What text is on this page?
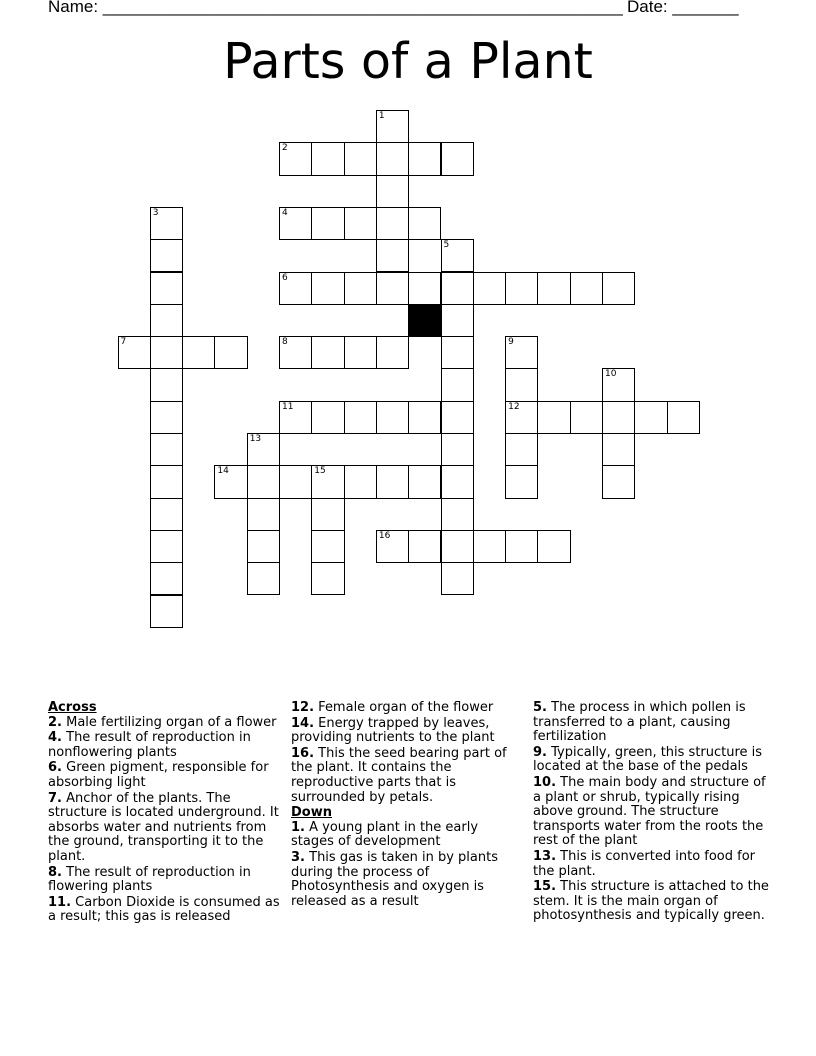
Name: _______________________________________________________ Date: _______
Parts of a Plant
1
2
3	4
5
6
7	8	9
12
10
11
13
14	15
16
Across
2. Male fertilizing organ of a flower
4. The result of reproduction in nonflowering plants
6. Green pigment, responsible for absorbing light
7. Anchor of the plants. The structure is located underground. It absorbs water and nutrients from the ground, transporting it to the plant.
8. The result of reproduction in flowering plants
11. Carbon Dioxide is consumed as a result; this gas is released
12. Female organ of the flower
14. Energy trapped by leaves, providing nutrients to the plant
16. This the seed bearing part of the plant. It contains the reproductive parts that is surrounded by petals.
Down
1. A young plant in the early stages of development
3. This gas is taken in by plants during the process of Photosynthesis and oxygen is released as a result
5. The process in which pollen is transferred to a plant, causing fertilization
9. Typically, green, this structure is located at the base of the pedals
10. The main body and structure of a plant or shrub, typically rising above ground. The structure transports water from the roots the rest of the plant
13. This is converted into food for the plant.
15. This structure is attached to the stem. It is the main organ of photosynthesis and typically green.
